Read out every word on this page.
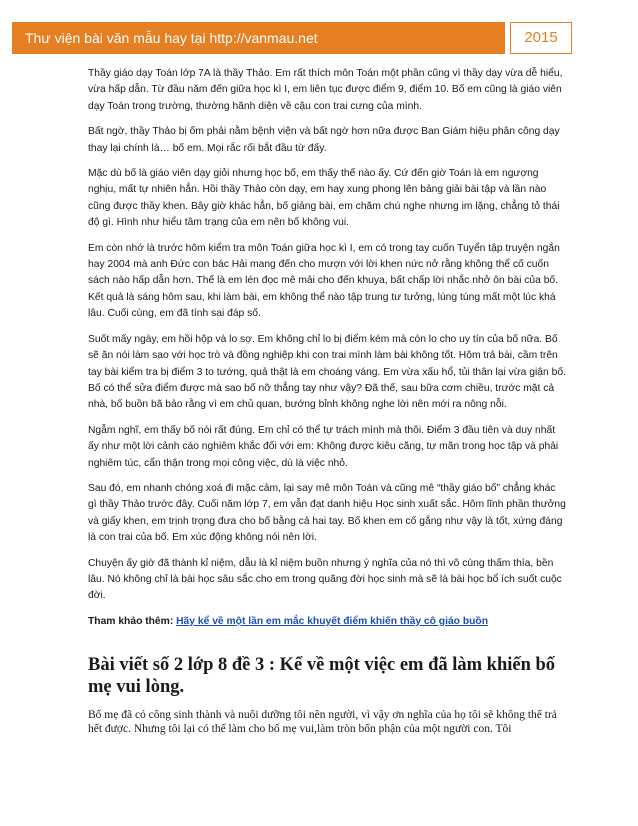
Thư viện bài văn mẫu hay tại http://vanmau.net	2015

Thầy giáo dạy Toán lớp 7A là thầy Thảo. Em rất thích môn Toán một phần cũng vì thầy dạy vừa dễ hiểu, vừa hấp dẫn. Từ đầu năm đến giữa học kì I, em liên tục được điểm 9, điểm 10. Bố em cũng là giáo viên dạy Toán trong trường, thường hãnh diện về cậu con trai cưng của mình.

Bất ngờ, thầy Thảo bị ốm phải nằm bệnh viện và bất ngờ hơn nữa được Ban Giám hiệu phân công dạy thay lại chính là… bố em. Mọi rắc rối bắt đầu từ đấy.

Mặc dù bố là giáo viên dạy giỏi nhưng học bố, em thấy thế nào ấy. Cứ đến giờ Toán là em ngượng nghịu, mất tự nhiên hẳn. Hồi thầy Thảo còn dạy, em hay xung phong lên bảng giải bài tập và lần nào cũng được thầy khen. Bây giờ khác hẳn, bố giảng bài, em chăm chú nghe nhưng im lặng, chẳng tỏ thái độ gì. Hình như hiểu tâm trạng của em nên bố không vui.

Em còn nhớ là trước hôm kiểm tra môn Toán giữa học kì I, em có trong tay cuốn Tuyển tập truyện ngắn hay 2004 mà anh Đức con bác Hải mang đến cho mượn với lời khen nức nở rằng không thể cố cuốn sách nào hấp dẫn hơn. Thế là em lén đọc mê mải cho đến khuya, bất chấp lời nhắc nhở ôn bài của bố. Kết quả là sáng hôm sau, khi làm bài, em không thể nào tập trung tư tưởng, lúng túng mất một lúc khá lâu. Cuối cùng, em đã tính sai đáp số.

Suốt mấy ngày, em hồi hộp và lo sợ. Em không chỉ lo bị điểm kém mà còn lo cho uy tín của bố nữa. Bố sẽ ăn nói làm sao với học trò và đồng nghiệp khi con trai mình làm bài không tốt. Hôm trả bài, cầm trên tay bài kiểm tra bị điểm 3 to tướng, quả thật là em choáng váng. Em vừa xấu hổ, tủi thân lại vừa giận bố. Bố có thể sửa điểm được mà sao bố nỡ thẳng tay như vậy? Đã thế, sau bữa cơm chiều, trước mặt cả nhà, bố buồn bã bảo rằng vì em chủ quan, bướng bỉnh không nghe lời nên mới ra nông nỗi.

Ngẫm nghĩ, em thấy bố nói rất đúng. Em chỉ có thể tự trách mình mà thôi. Điểm 3 đầu tiên và duy nhất ấy như một lời cảnh cáo nghiêm khắc đối với em: Không được kiêu căng, tự mãn trong học tập và phải nghiêm túc, cẩn thận trong mọi công việc, dù là việc nhỏ.

Sau đó, em nhanh chóng xoá đi mặc cảm, lại say mê môn Toán và cũng mê “thầy giáo bố” chẳng khác gì thầy Thảo trước đây. Cuối năm lớp 7, em vẫn đạt danh hiệu Học sinh xuất sắc. Hôm lĩnh phần thưởng và giấy khen, em trịnh trọng đưa cho bố bằng cả hai tay. Bố khen em cố gắng như vậy là tốt, xứng đáng là con trai của bố. Em xúc động không nói nên lời.

Chuyện ấy giờ đã thành kỉ niệm, dẫu là kỉ niệm buồn nhưng ý nghĩa của nó thì vô cùng thấm thía, bền lâu. Nó không chỉ là bài học sâu sắc cho em trong quãng đời học sinh mà sẽ là bài học bổ ích suốt cuộc đời.

Tham khảo thêm: Hãy kể về một lần em mắc khuyết điểm khiến thầy cô giáo buồn
Bài viết số 2 lớp 8 đề 3 : Kể về một việc em đã làm khiến bố mẹ vui lòng.

Bố mẹ đã có công sinh thành và nuôi dưỡng tôi nên người, vì vậy ơn nghĩa của họ tôi sẽ không thể trả hết được. Nhưng tôi lại có thể làm cho bố mẹ vui,làm tròn bổn phận của một người con. Tôi
